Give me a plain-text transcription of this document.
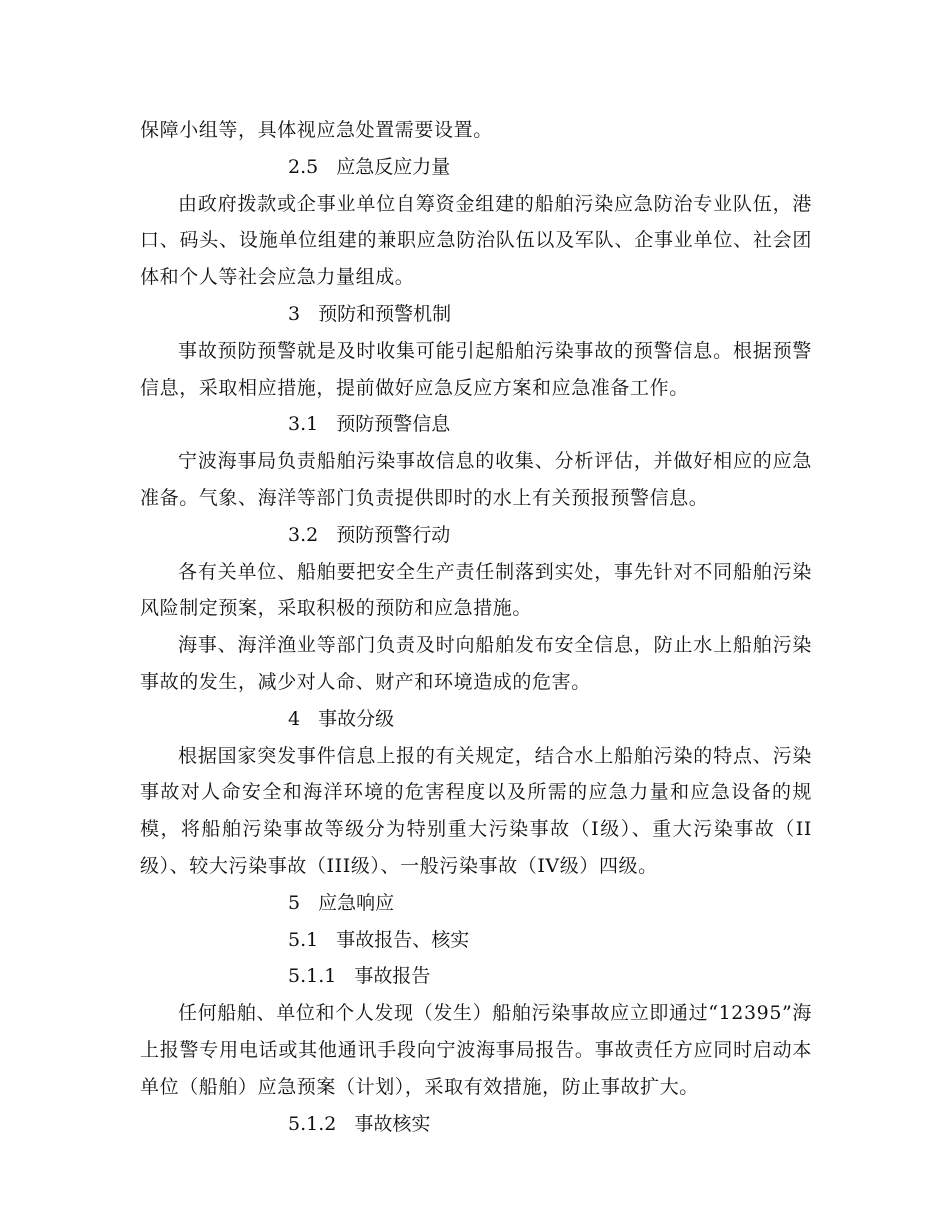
保障小组等，具体视应急处置需要设置。

2.5 应急反应力量

由政府拨款或企事业单位自筹资金组建的船舶污染应急防治专业队伍，港口、码头、设施单位组建的兼职应急防治队伍以及军队、企事业单位、社会团体和个人等社会应急力量组成。

3 预防和预警机制

事故预防预警就是及时收集可能引起船舶污染事故的预警信息。根据预警信息，采取相应措施，提前做好应急反应方案和应急准备工作。

3.1 预防预警信息

宁波海事局负责船舶污染事故信息的收集、分析评估，并做好相应的应急准备。气象、海洋等部门负责提供即时的水上有关预报预警信息。

3.2 预防预警行动

各有关单位、船舶要把安全生产责任制落到实处，事先针对不同船舶污染风险制定预案，采取积极的预防和应急措施。

海事、海洋渔业等部门负责及时向船舶发布安全信息，防止水上船舶污染事故的发生，减少对人命、财产和环境造成的危害。

4 事故分级

根据国家突发事件信息上报的有关规定，结合水上船舶污染的特点、污染事故对人命安全和海洋环境的危害程度以及所需的应急力量和应急设备的规模，将船舶污染事故等级分为特别重大污染事故（I级）、重大污染事故（II级）、较大污染事故（III级）、一般污染事故（IV级）四级。

5 应急响应
5.1 事故报告、核实
5.1.1 事故报告

任何船舶、单位和个人发现（发生）船舶污染事故应立即通过“12395”海上报警专用电话或其他通讯手段向宁波海事局报告。事故责任方应同时启动本单位（船舶）应急预案（计划），采取有效措施，防止事故扩大。

5.1.2 事故核实
